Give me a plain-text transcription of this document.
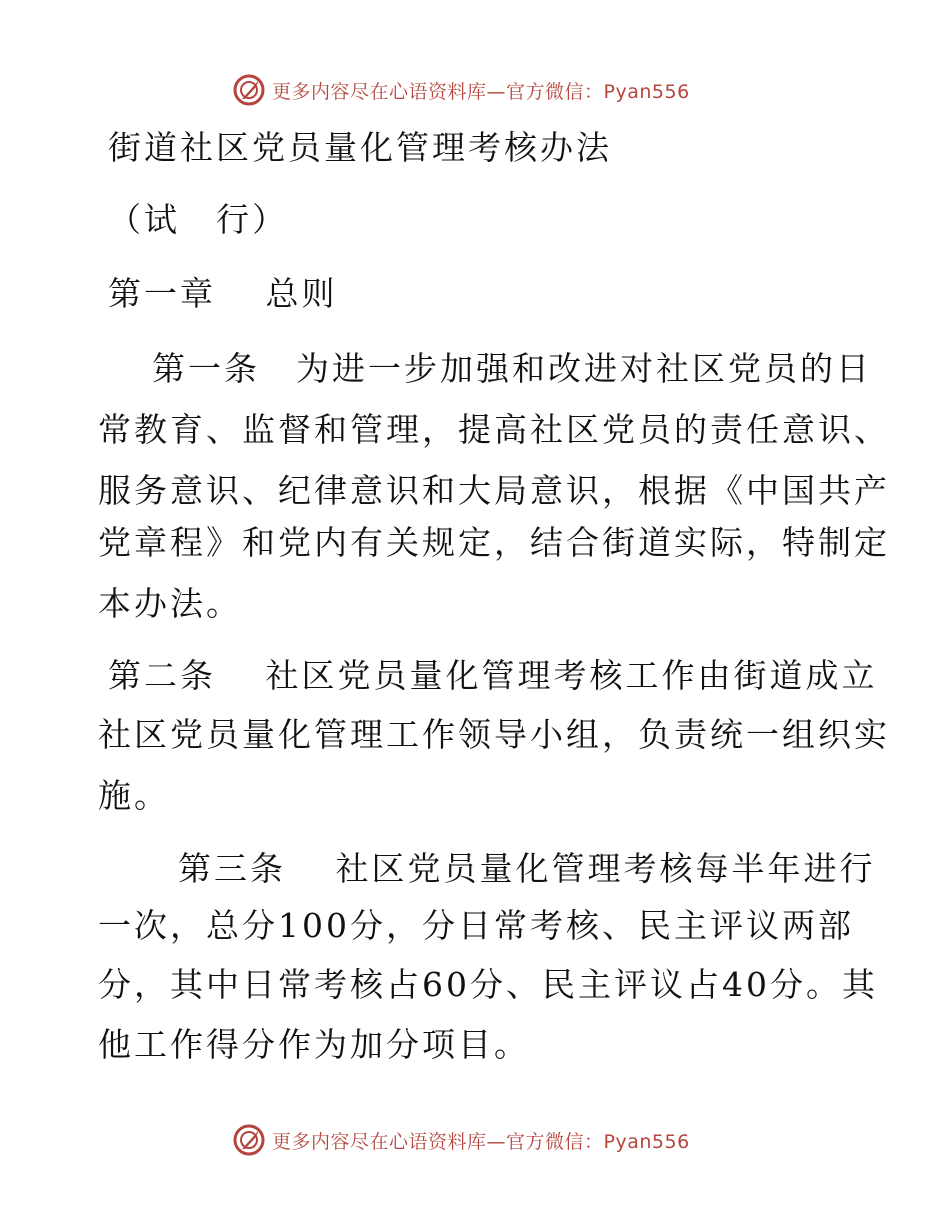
更多内容尽在心语资料库—官方微信：Pyan556
街道社区党员量化管理考核办法
（试　行）
第一章　 总则
第一条　为进一步加强和改进对社区党员的日
常教育、监督和管理，提高社区党员的责任意识、
服务意识、纪律意识和大局意识，根据《中国共产
党章程》和党内有关规定，结合街道实际，特制定
本办法。
第二条　 社区党员量化管理考核工作由街道成立
社区党员量化管理工作领导小组，负责统一组织实
施。
第三条　 社区党员量化管理考核每半年进行
一次，总分100分，分日常考核、民主评议两部
分，其中日常考核占60分、民主评议占40分。其
他工作得分作为加分项目。
更多内容尽在心语资料库—官方微信：Pyan556
